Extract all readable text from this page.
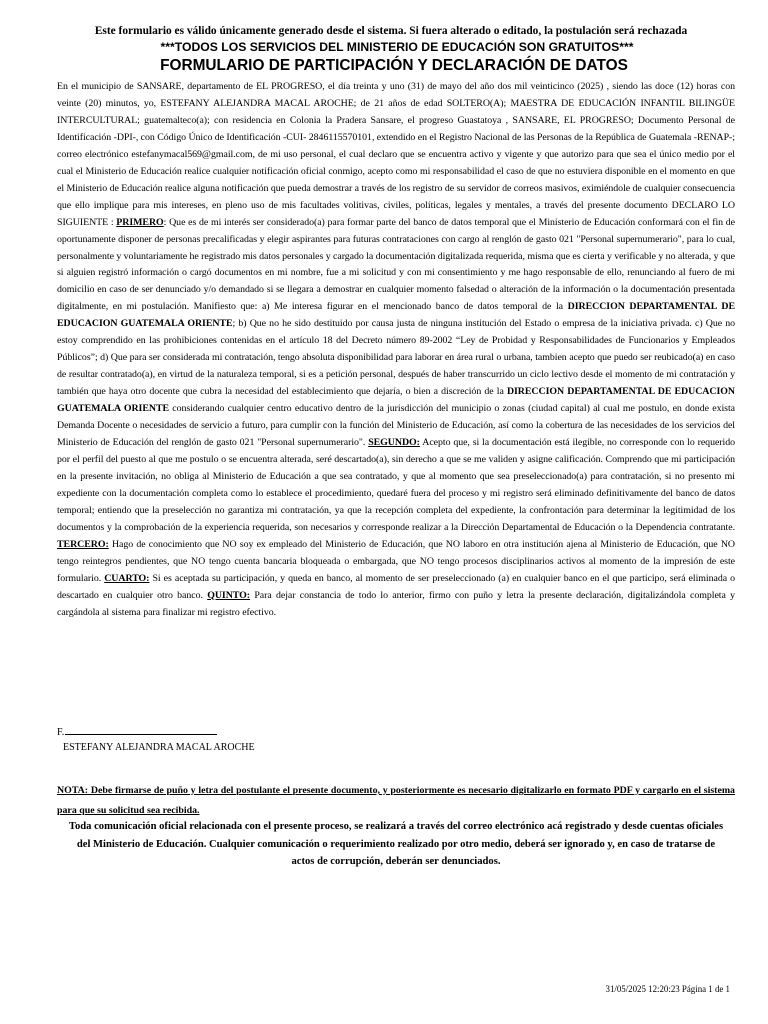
Este formulario es válido únicamente generado desde el sistema. Si fuera alterado o editado, la postulación será rechazada
***TODOS LOS SERVICIOS DEL MINISTERIO DE EDUCACIÓN SON GRATUITOS***
FORMULARIO DE PARTICIPACIÓN Y DECLARACIÓN DE DATOS
En el municipio de SANSARE, departamento de EL PROGRESO, el día treinta y uno (31) de mayo del año dos mil veinticinco (2025) , siendo las doce (12) horas con veinte (20) minutos, yo, ESTEFANY ALEJANDRA MACAL AROCHE; de 21 años de edad SOLTERO(A); MAESTRA DE EDUCACIÓN INFANTIL BILINGÜE INTERCULTURAL; guatemalteco(a); con residencia en Colonia la Pradera Sansare, el progreso Guastatoya , SANSARE, EL PROGRESO; Documento Personal de Identificación -DPI-, con Código Único de Identificación -CUI- 2846115570101, extendido en el Registro Nacional de las Personas de la República de Guatemala -RENAP-; correo electrónico estefanymacal569@gmail.com, de mi uso personal, el cual declaro que se encuentra activo y vigente y que autorizo para que sea el único medio por el cual el Ministerio de Educación realice cualquier notificación oficial conmigo, acepto como mi responsabilidad el caso de que no estuviera disponible en el momento en que el Ministerio de Educación realice alguna notificación que pueda demostrar a través de los registro de su servidor de correos masivos, eximiéndole de cualquier consecuencia que ello implique para mis intereses, en pleno uso de mis facultades volitivas, civiles, políticas, legales y mentales, a través del presente documento DECLARO LO SIGUIENTE : PRIMERO: Que es de mi interés ser considerado(a) para formar parte del banco de datos temporal que el Ministerio de Educación conformará con el fin de oportunamente disponer de personas precalificadas y elegir aspirantes para futuras contrataciones con cargo al renglón de gasto 021 "Personal supernumerario", para lo cual, personalmente y voluntariamente he registrado mis datos personales y cargado la documentación digitalizada requerida, misma que es cierta y verificable y no alterada, y que si alguien registró información o cargó documentos en mi nombre, fue a mi solicitud y con mi consentimiento y me hago responsable de ello, renunciando al fuero de mi domicilio en caso de ser denunciado y/o demandado si se llegara a demostrar en cualquier momento falsedad o alteración de la información o la documentación presentada digitalmente, en mi postulación. Manifiesto que: a) Me interesa figurar en el mencionado banco de datos temporal de la DIRECCION DEPARTAMENTAL DE EDUCACION GUATEMALA ORIENTE; b) Que no he sido destituido por causa justa de ninguna institución del Estado o empresa de la iniciativa privada. c) Que no estoy comprendido en las prohibiciones contenidas en el artículo 18 del Decreto número 89-2002 “Ley de Probidad y Responsabilidades de Funcionarios y Empleados Públicos”; d) Que para ser considerada mi contratación, tengo absoluta disponibilidad para laborar en área rural o urbana, tambien acepto que puedo ser reubicado(a) en caso de resultar contratado(a), en virtud de la naturaleza temporal, si es a petición personal, después de haber transcurrido un ciclo lectivo desde el momento de mi contratación y también que haya otro docente que cubra la necesidad del establecimiento que dejaría, o bien a discreción de la DIRECCION DEPARTAMENTAL DE EDUCACION GUATEMALA ORIENTE considerando cualquier centro educativo dentro de la jurisdicción del municipio o zonas (ciudad capital) al cual me postulo, en donde exista Demanda Docente o necesidades de servicio a futuro, para cumplir con la función del Ministerio de Educación, así como la cobertura de las necesidades de los servicios del Ministerio de Educación del renglón de gasto 021 "Personal supernumerario". SEGUNDO: Acepto que, si la documentación está ilegible, no corresponde con lo requerido por el perfil del puesto al que me postulo o se encuentra alterada, seré descartado(a), sin derecho a que se me validen y asigne calificación. Comprendo que mi participación en la presente invitación, no obliga al Ministerio de Educación a que sea contratado, y que al momento que sea preseleccionado(a) para contratación, si no presento mi expediente con la documentación completa como lo establece el procedimiento, quedaré fuera del proceso y mi registro será eliminado definitivamente del banco de datos temporal; entiendo que la preselección no garantiza mi contratación, ya que la recepción completa del expediente, la confrontación para determinar la legitimidad de los documentos y la comprobación de la experiencia requerida, son necesarios y corresponde realizar a la Dirección Departamental de Educación o la Dependencia contratante. TERCERO: Hago de conocimiento que NO soy ex empleado del Ministerio de Educación, que NO laboro en otra institución ajena al Ministerio de Educación, que NO tengo reintegros pendientes, que NO tengo cuenta bancaria bloqueada o embargada, que NO tengo procesos disciplinarios activos al momento de la impresión de este formulario. CUARTO: Si es aceptada su participación, y queda en banco, al momento de ser preseleccionado (a) en cualquier banco en el que participo, será eliminada o descartado en cualquier otro banco. QUINTO: Para dejar constancia de todo lo anterior, firmo con puño y letra la presente declaración, digitalizándola completa y cargándola al sistema para finalizar mi registro efectivo.
F.
ESTEFANY ALEJANDRA MACAL AROCHE
NOTA: Debe firmarse de puño y letra del postulante el presente documento, y posteriormente es necesario digitalizarlo en formato PDF y cargarlo en el sistema para que su solicitud sea recibida.
Toda comunicación oficial relacionada con el presente proceso, se realizará a través del correo electrónico acá registrado y desde cuentas oficiales del Ministerio de Educación. Cualquier comunicación o requerimiento realizado por otro medio, deberá ser ignorado y, en caso de tratarse de actos de corrupción, deberán ser denunciados.
31/05/2025 12:20:23 Página 1 de 1
